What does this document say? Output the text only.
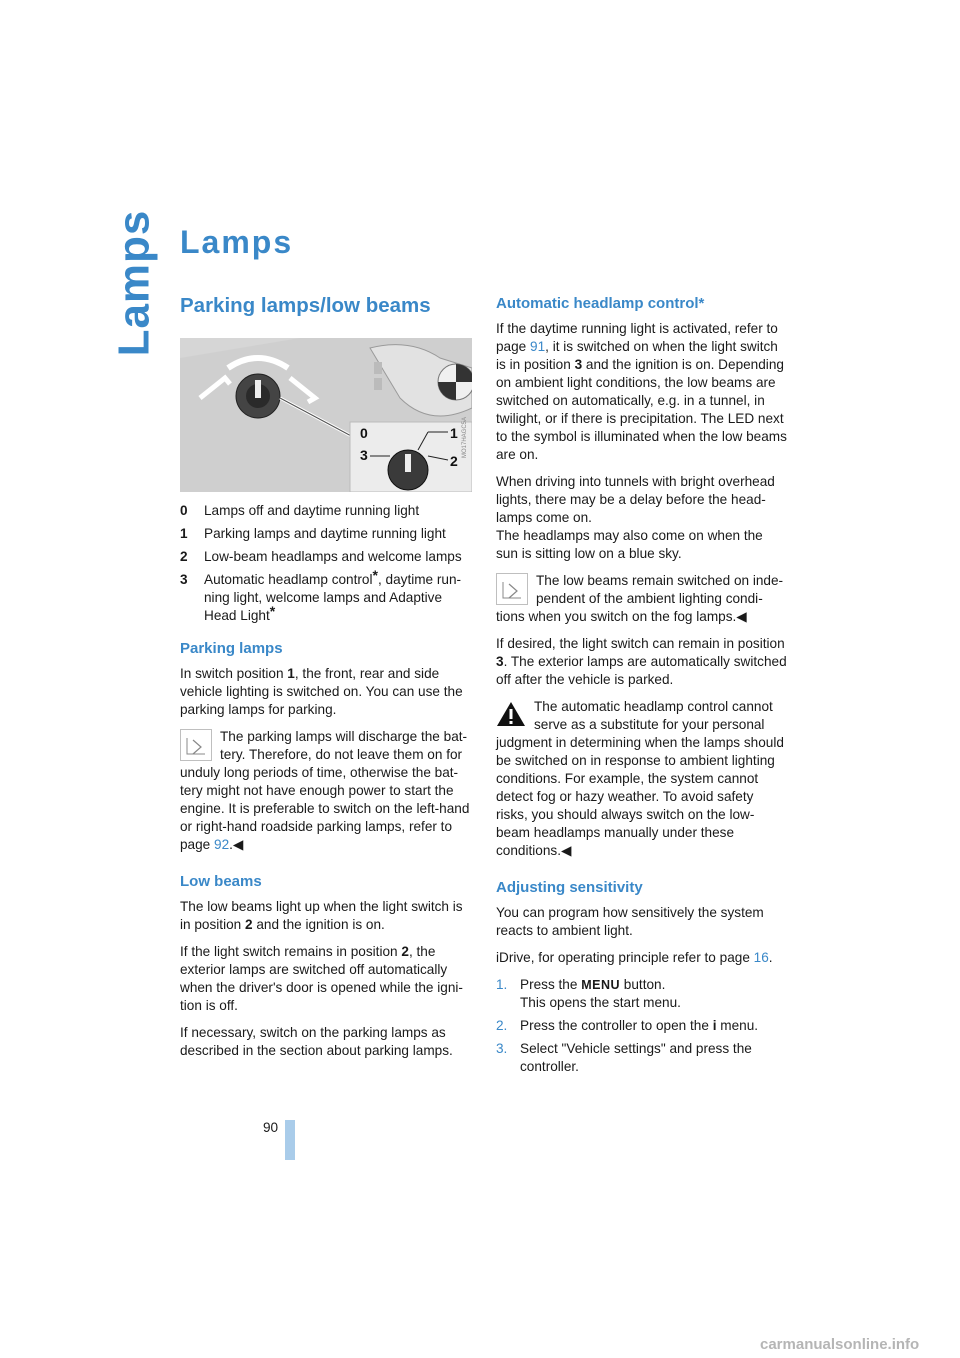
Lamps Lamps
Parking lamps/low beams
0	1
2
3	MO17HAGC5A
0 Lamps off and daytime running light
1 Parking lamps and daytime running light
2 Low-beam headlamps and welcome lamps
3 Automatic headlamp control*, daytime run-ning light, welcome lamps and Adaptive Head Light*
Parking lamps

In switch position 1, the front, rear and side vehicle lighting is switched on. You can use the parking lamps for parking.

The parking lamps will discharge the bat-tery. Therefore, do not leave them on for unduly long periods of time, otherwise the bat-tery might not have enough power to start the engine. It is preferable to switch on the left-hand or right-hand roadside parking lamps, refer to page 92.◀
Low beams

The low beams light up when the light switch is in position 2 and the ignition is on.

If the light switch remains in position 2, the exterior lamps are switched off automatically when the driver's door is opened while the igni-tion is off.

If necessary, switch on the parking lamps as described in the section about parking lamps.

Automatic headlamp control*

If the daytime running light is activated, refer to page 91, it is switched on when the light switch is in position 3 and the ignition is on. Depending on ambient light conditions, the low beams are switched on automatically, e.g. in a tunnel, in twilight, or if there is precipitation. The LED next to the symbol is illuminated when the low beams are on.

When driving into tunnels with bright overhead lights, there may be a delay before the head-lamps come on.

The headlamps may also come on when the sun is sitting low on a blue sky.

The low beams remain switched on inde-pendent of the ambient lighting condi-tions when you switch on the fog lamps.◀

If desired, the light switch can remain in position 3. The exterior lamps are automatically switched off after the vehicle is parked.

The automatic headlamp control cannot serve as a substitute for your personal judgment in determining when the lamps should be switched on in response to ambient lighting conditions. For example, the system cannot detect fog or hazy weather. To avoid safety risks, you should always switch on the low-beam headlamps manually under these conditions.◀
Adjusting sensitivity

You can program how sensitively the system reacts to ambient light.

iDrive, for operating principle refer to page 16.

1. Press the MENU button.
This opens the start menu.
2. Press the controller to open the i menu.
3. Select "Vehicle settings" and press the controller.
90
carmanualsonline.info
